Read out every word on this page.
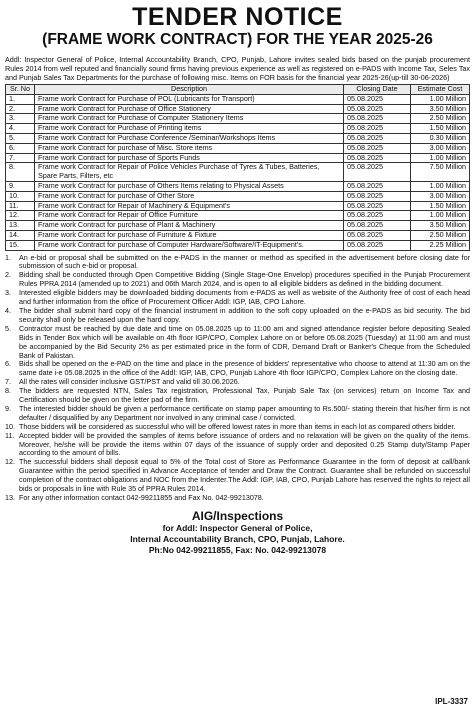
TENDER NOTICE
(FRAME WORK CONTRACT) FOR THE YEAR 2025-26
Addl: Inspector General of Police, Internal Accountability Branch, CPO, Punjab, Lahore invites sealed bids based on the punjab procurement Rules 2014 from well reputed and financially sound firms having previous experience as well as registered on e-PADS with Income Tax, Seles Tax and Punjab Sales Tax Departments for the purchase of following misc. Items on FOR basis for the financial year 2025-26(up-till 30-06-2026)
Sr. No	Description	Closing Date	Estimate Cost
1.	Frame work Contract for Purchase of POL (Lubricants for Transport)	05.08.2025	1.00 Million
2.	Frame work Contract for Purchase of Office Stationery	05.08.2025	3.50 Million
3.	Frame work Contract for Purchase of Computer Stationery Items	05.08.2025	2.50 Million
4.	Frame work Contract for Purchase of Printing items	05.08.2025	1.50 Million
5.	Frame work Contract for Purchase Conference /Seminar/Workshops Items	05.08.2025	0.30 Million
6.	Frame work Contract for purchase of Misc. Store items	05.08.2025	3.00 Million
7.	Frame work Contract for purchase of Sports Funds	05.08.2025	1.00 Million
8.	Frame work Contract for Repair of Police Vehicles Purchase of Tyres & Tubes, Batteries, Spare Parts, Filters, etc	05.08.2025	7.50 Million
9.	Frame work Contract for purchase of Others Items relating to Physical Assets	05.08.2025	1.00 Million
10.	Frame work Contract for purchase of Other Store	05.08.2025	3.00 Million
11.	Frame work Contract for Repair of Machinery & Equipment's	05.08.2025	1.50 Million
12.	Frame work Contract for Repair of Office Furniture	05.08.2025	1.00 Million
13.	Frame work Contract for purchase of Plant & Machinery	05.08.2025	3.50 Million
14.	Frame work Contract for purchase of Furniture & Fixture	05.08.2025	2.50 Million
15.	Frame work Contract for purchase of Computer Hardware/Software/IT-Equipment's.	05.08.2025	2.25 Million
1.	An e-bid or proposal shall be submitted on the e-PADS in the manner or method as specified in the advertisement before closing date for submission of such e-bid or proposal.
2.	Bidding shall be conducted through Open Competitive Bidding (Single Stage-One Envelop) procedures specified in the Punjab Procurement Rules PPRA 2014 (amended up to 2021) and 06th March 2024, and is open to all eligible bidders as defined in the bidding document.
3.	Interested eligible bidders may be downloaded bidding documents from e-PADS as well as website of the Authority free of cost of each head and further information from the office of Procurement Officer Addl: IGP, IAB, CPO Lahore.
4.	The bidder shall submit hard copy of the financial instrument in addition to the soft copy uploaded on the e-PADS as bid security. The bid security shall only be released upon the hard copy.
5.	Contractor must be reached by due date and time on 05.08.2025 up to 11:00 am and signed attendance register before depositing Sealed Bids in Tender Box which will be available on 4th floor IGP/CPO, Complex Lahore on or before 05.08.2025 (Tuesday) at 11:00 am and must be accompanied by the Bid Security 2% as per estimated price in the form of CDR, Demand Draft or Banker's Cheque from the Scheduled Bank of Pakistan.
6.	Bids shall be opened on the e-PAD on the time and place in the presence of bidders' representative who choose to attend at 11:30 am on the same date i-e 05.08.2025 in the office of the Addl: IGP, IAB, CPO, Punjab Lahore 4th floor IGP/CPO, Complex Lahore on the closing date.
7.	All the rates will consider inclusive GST/PST and valid till 30.06.2026.
8.	The bidders are requested NTN, Sales Tax registration, Professional Tax, Punjab Sale Tax (on services) return on Income Tax and Certification should be given on the letter pad of the firm.
9.	The interested bidder should be given a performance certificate on stamp paper amounting to Rs.500/- stating therein that his/her firm is not defaulter / disqualified by any Department nor involved in any criminal case / convicted.
10. Those bidders will be considered as successful who will be offered lowest rates in more than items in each lot as compared others bidder.
11. Accepted bidder will be provided the samples of items before issuance of orders and no relaxation will be given on the quality of the items. Moreover, he/she will be provide the items within 07 days of the issuance of supply order and deposited 0.25 Stamp duty/Stamp Paper according to the amount of bills.
12. The successful bidders shall deposit equal to 5% of the Total cost of Store as Performance Guarantee in the form of deposit at call/bank Guarantee within the period specified in Advance Acceptance of tender and Draw the Contract. Guarantee shall be refunded on successful completion of the contract obligations and NOC from the Indenter.The Addl: IGP, IAB, CPO, Punjab Lahore has reserved the rights to reject all bids or proposals in line with Rule 35 of PPRA Rules 2014.
13. For any other information contact 042-99211855 and Fax No. 042-99213078.
AIG/Inspections
for Addl: Inspector General of Police,
Internal Accountability Branch, CPO, Punjab, Lahore.
Ph:No 042-99211855, Fax: No. 042-99213078
IPL-3337
